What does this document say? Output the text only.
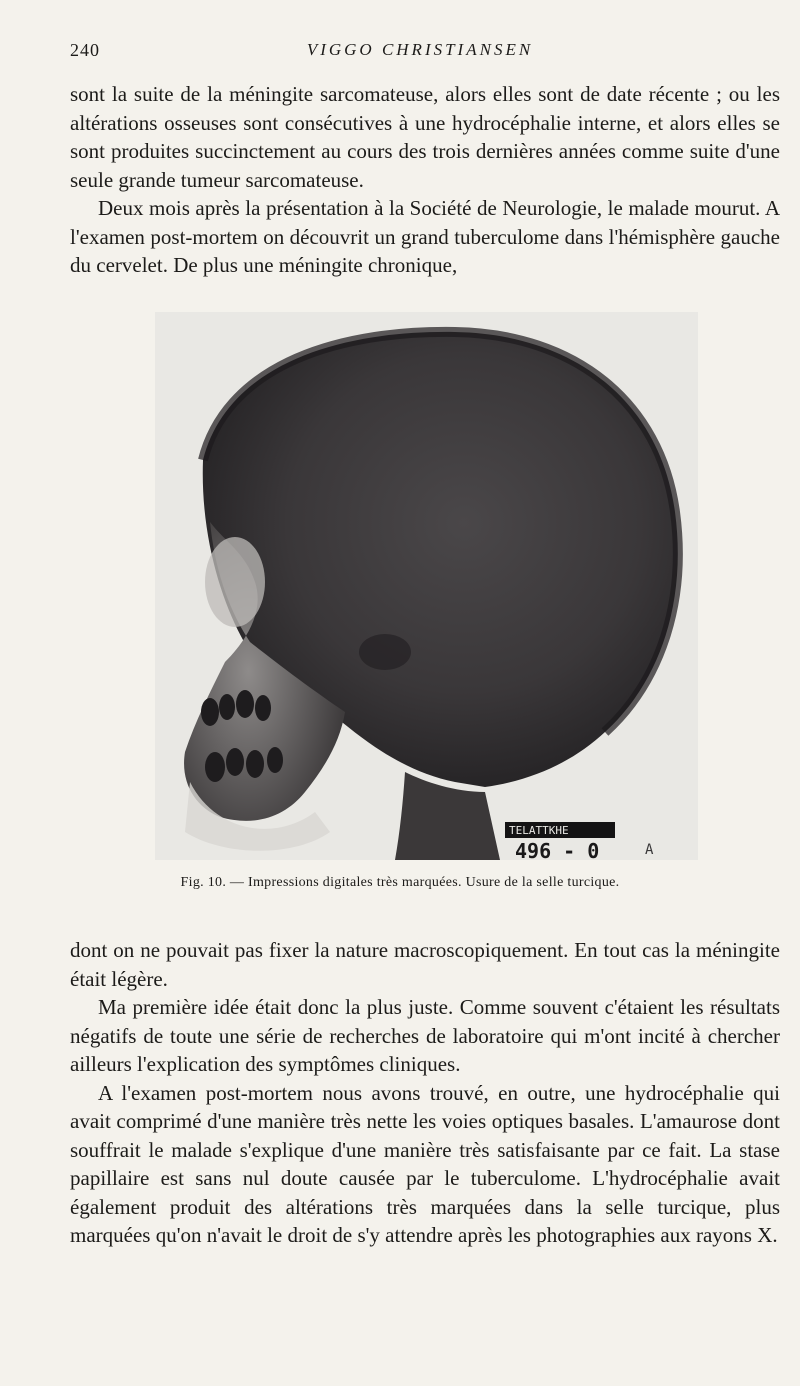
240	VIGGO CHRISTIANSEN

sont la suite de la méningite sarcomateuse, alors elles sont de date récente ; ou les altérations osseuses sont consécutives à une hydrocéphalie interne, et alors elles se sont produites succinctement au cours des trois dernières années comme suite d'une seule grande tumeur sarcomateuse.

Deux mois après la présentation à la Société de Neurologie, le malade mourut. A l'examen post-mortem on découvrit un grand tuberculome dans l'hémisphère gauche du cervelet. De plus une méningite chronique,

TELATTKHE
496 - 0	A
Fig. 10. — Impressions digitales très marquées. Usure de la selle turcique.

dont on ne pouvait pas fixer la nature macroscopiquement. En tout cas la méningite était légère.

Ma première idée était donc la plus juste. Comme souvent c'étaient les résultats négatifs de toute une série de recherches de laboratoire qui m'ont incité à chercher ailleurs l'explication des symptômes cliniques.

A l'examen post-mortem nous avons trouvé, en outre, une hydrocéphalie qui avait comprimé d'une manière très nette les voies optiques basales. L'amaurose dont souffrait le malade s'explique d'une manière très satisfaisante par ce fait. La stase papillaire est sans nul doute causée par le tuberculome. L'hydrocéphalie avait également produit des altérations très marquées dans la selle turcique, plus marquées qu'on n'avait le droit de s'y attendre après les photographies aux rayons X.
